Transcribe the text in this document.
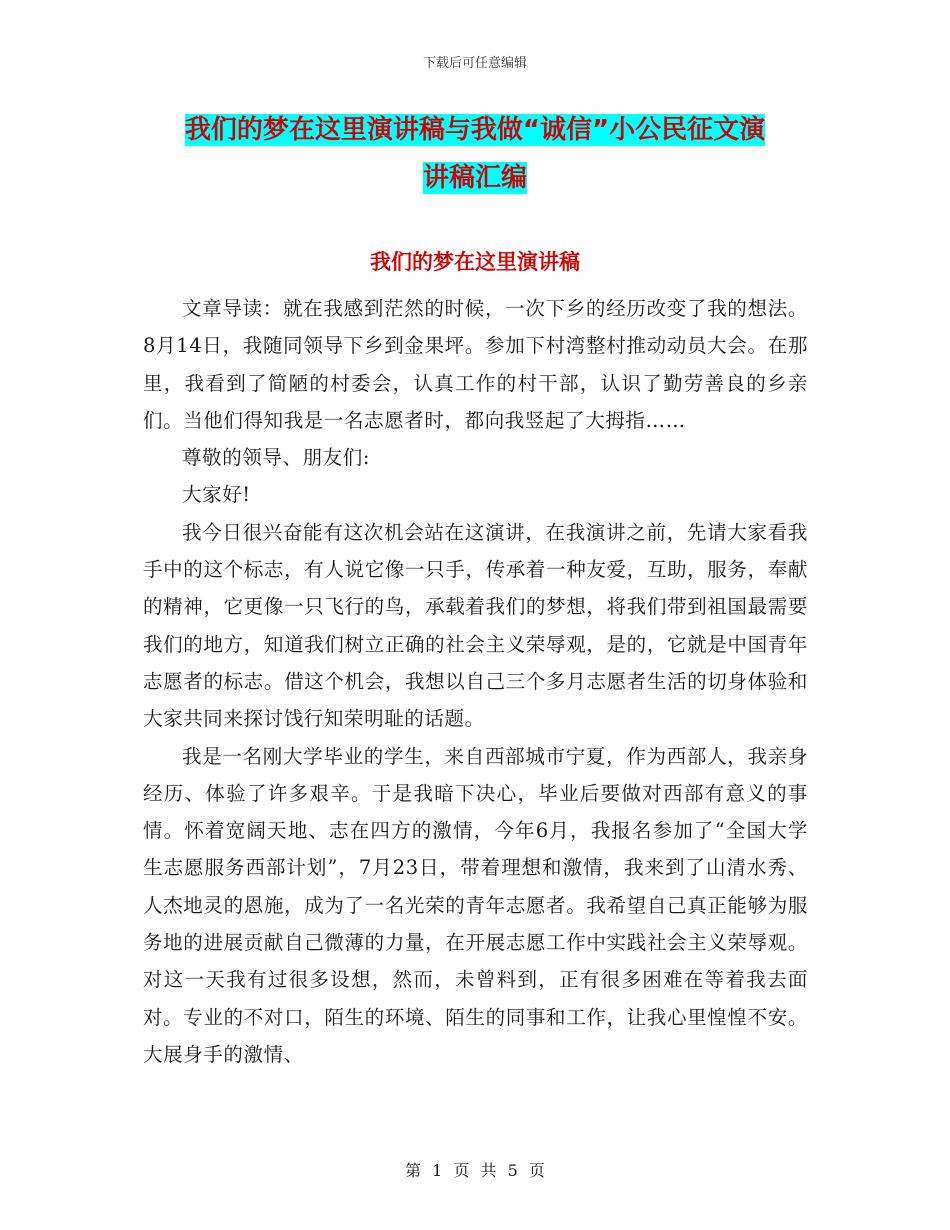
下载后可任意编辑
我们的梦在这里演讲稿与我做“诚信”小公民征文演
讲稿汇编
我们的梦在这里演讲稿

文章导读：就在我感到茫然的时候，一次下乡的经历改变了我的想法。8月14日，我随同领导下乡到金果坪。参加下村湾整村推动动员大会。在那里，我看到了简陋的村委会，认真工作的村干部，认识了勤劳善良的乡亲们。当他们得知我是一名志愿者时，都向我竖起了大拇指……

尊敬的领导、朋友们:

大家好!

我今日很兴奋能有这次机会站在这演讲，在我演讲之前，先请大家看我手中的这个标志，有人说它像一只手，传承着一种友爱，互助，服务，奉献的精神，它更像一只飞行的鸟，承载着我们的梦想，将我们带到祖国最需要我们的地方，知道我们树立正确的社会主义荣辱观，是的，它就是中国青年志愿者的标志。借这个机会，我想以自己三个多月志愿者生活的切身体验和大家共同来探讨饯行知荣明耻的话题。

我是一名刚大学毕业的学生，来自西部城市宁夏，作为西部人，我亲身经历、体验了许多艰辛。于是我暗下决心，毕业后要做对西部有意义的事情。怀着宽阔天地、志在四方的激情，今年6月，我报名参加了“全国大学生志愿服务西部计划”，7月23日，带着理想和激情，我来到了山清水秀、人杰地灵的恩施，成为了一名光荣的青年志愿者。我希望自己真正能够为服务地的进展贡献自己微薄的力量，在开展志愿工作中实践社会主义荣辱观。对这一天我有过很多设想，然而，未曾料到，正有很多困难在等着我去面对。专业的不对口，陌生的环境、陌生的同事和工作，让我心里惶惶不安。大展身手的激情、

第 1 页 共 5 页
